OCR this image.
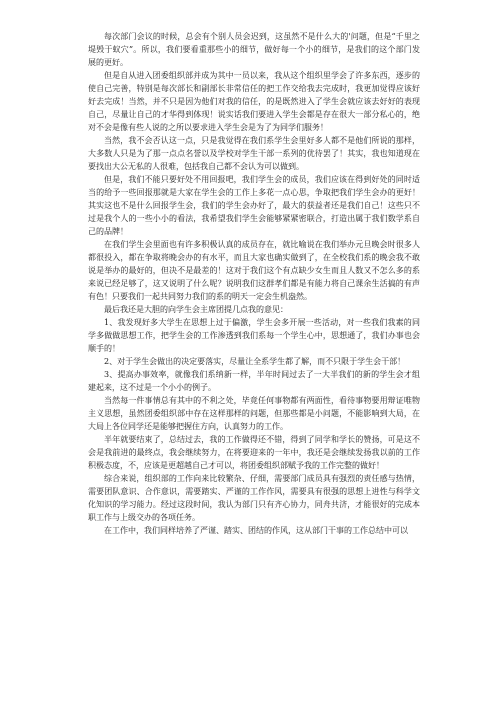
每次部门会议的时候，总会有个别人员会迟到，这虽然不是什么大的'问题，但是“千里之堤毁于蚁穴”。所以，我们要看重那些小的细节，做好每一个小的细节，是我们的这个部门发展的更好。

但是自从进入团委组织部并成为其中一员以来，我从这个组织里学会了许多东西，逐步的使自己完善，特别是每次部长和副部长非常信任的把工作交给我去完成时，我更加觉得应该好好去完成！当然，并不只是因为他们对我的信任，的是既然进入了学生会就应该去好好的表现自己，尽量让自己的才华得到体现！说实话我们要进入学生会都是存在很大一部分私心的，绝对不会是像有些人说的之所以要求进入学生会是为了为同学们服务！

当然，我不会否认这一点，只是我觉得在我们系学生会里好多人都不是他们所说的那样，大多数人只是为了那一点点名誉以及学校对学生干部一系列的优待罢了！其实，我也知道现在要找出大公无私的人很难，包括我自己都不会认为可以做到。

但是，我们不能只要好处不用回报吧，我们学生会的成员，我们应该在得到好处的同时适当的给予一些回报那就是大家在学生会的工作上多花一点心思，争取把我们学生会办的更好！其实这也不是什么回报学生会，我们的学生会办好了，最大的获益者还是我们自己！这些只不过是我个人的一些小小的看法，我希望我们学生会能够紧紧密联合，打造出属于我们数学系自己的品牌！

在我们学生会里面也有许多积极认真的成员存在，就比喻说在我们举办元旦晚会时很多人都很投入，都在争取将晚会办的有水平，而且大家也确实做到了，在全校我们系的晚会我不敢说是举办的最好的，但决不是最差的！这对于我们这个有点缺少女生而且人数又不怎么多的系来说已经足够了，这又说明了什么呢？说明我们这群孝们都是有能力将自己课余生活搞的有声有色！只要我们一起共同努力我们的系的明天一定会生机盎然。

最后我还是大胆的向学生会主席团提几点我的意见：

1、我发现好多大学生在思想上过于偏激，学生会多开展一些活动，对一些我们我素的同学多做做思想工作，把学生会的工作渗透到我们系每一个学生心中，思想通了，我们办事也会顺手的！

2、对于学生会做出的决定要落实，尽量让全系学生都了解，而不只限于学生会干部！

3、提高办事效率，就像我们系纳新一样，半年时间过去了一大半我们的新的学生会才组建起来，这不过是一个小小的例子。

当然每一件事情总有其中的不利之处，毕竟任何事物都有两面性，看待事物要用辩证唯物主义思想，虽然团委组织部中存在这样那样的问题，但那些都是小问题，不能影响到大局，在大局上各位同学还是能够把握住方向，认真努力的工作。

半年就要结束了，总结过去，我的工作做得还不错，得到了同学和学长的赞扬，可是这不会是我前进的最终点，我会继续努力，在将要迎来的一年中，我还是会继续发扬我以前的工作积极态度，不，应该是更超越自己才可以，将团委组织部赋予我的工作完整的做好！

综合来说，组织部的工作向来比较繁杂、仔细，需要部门成员具有强烈的责任感与热情，需要团队意识、合作意识，需要踏实、严谨的工作作风，需要具有很强的思想上进性与科学文化知识的学习能力。经过这段时间，我认为部门只有齐心协力，同舟共济，才能很好的完成本职工作与上级交办的各项任务。

在工作中，我们同样培养了严谨、踏实、团结的作风，这从部门干事的工作总结中可以
